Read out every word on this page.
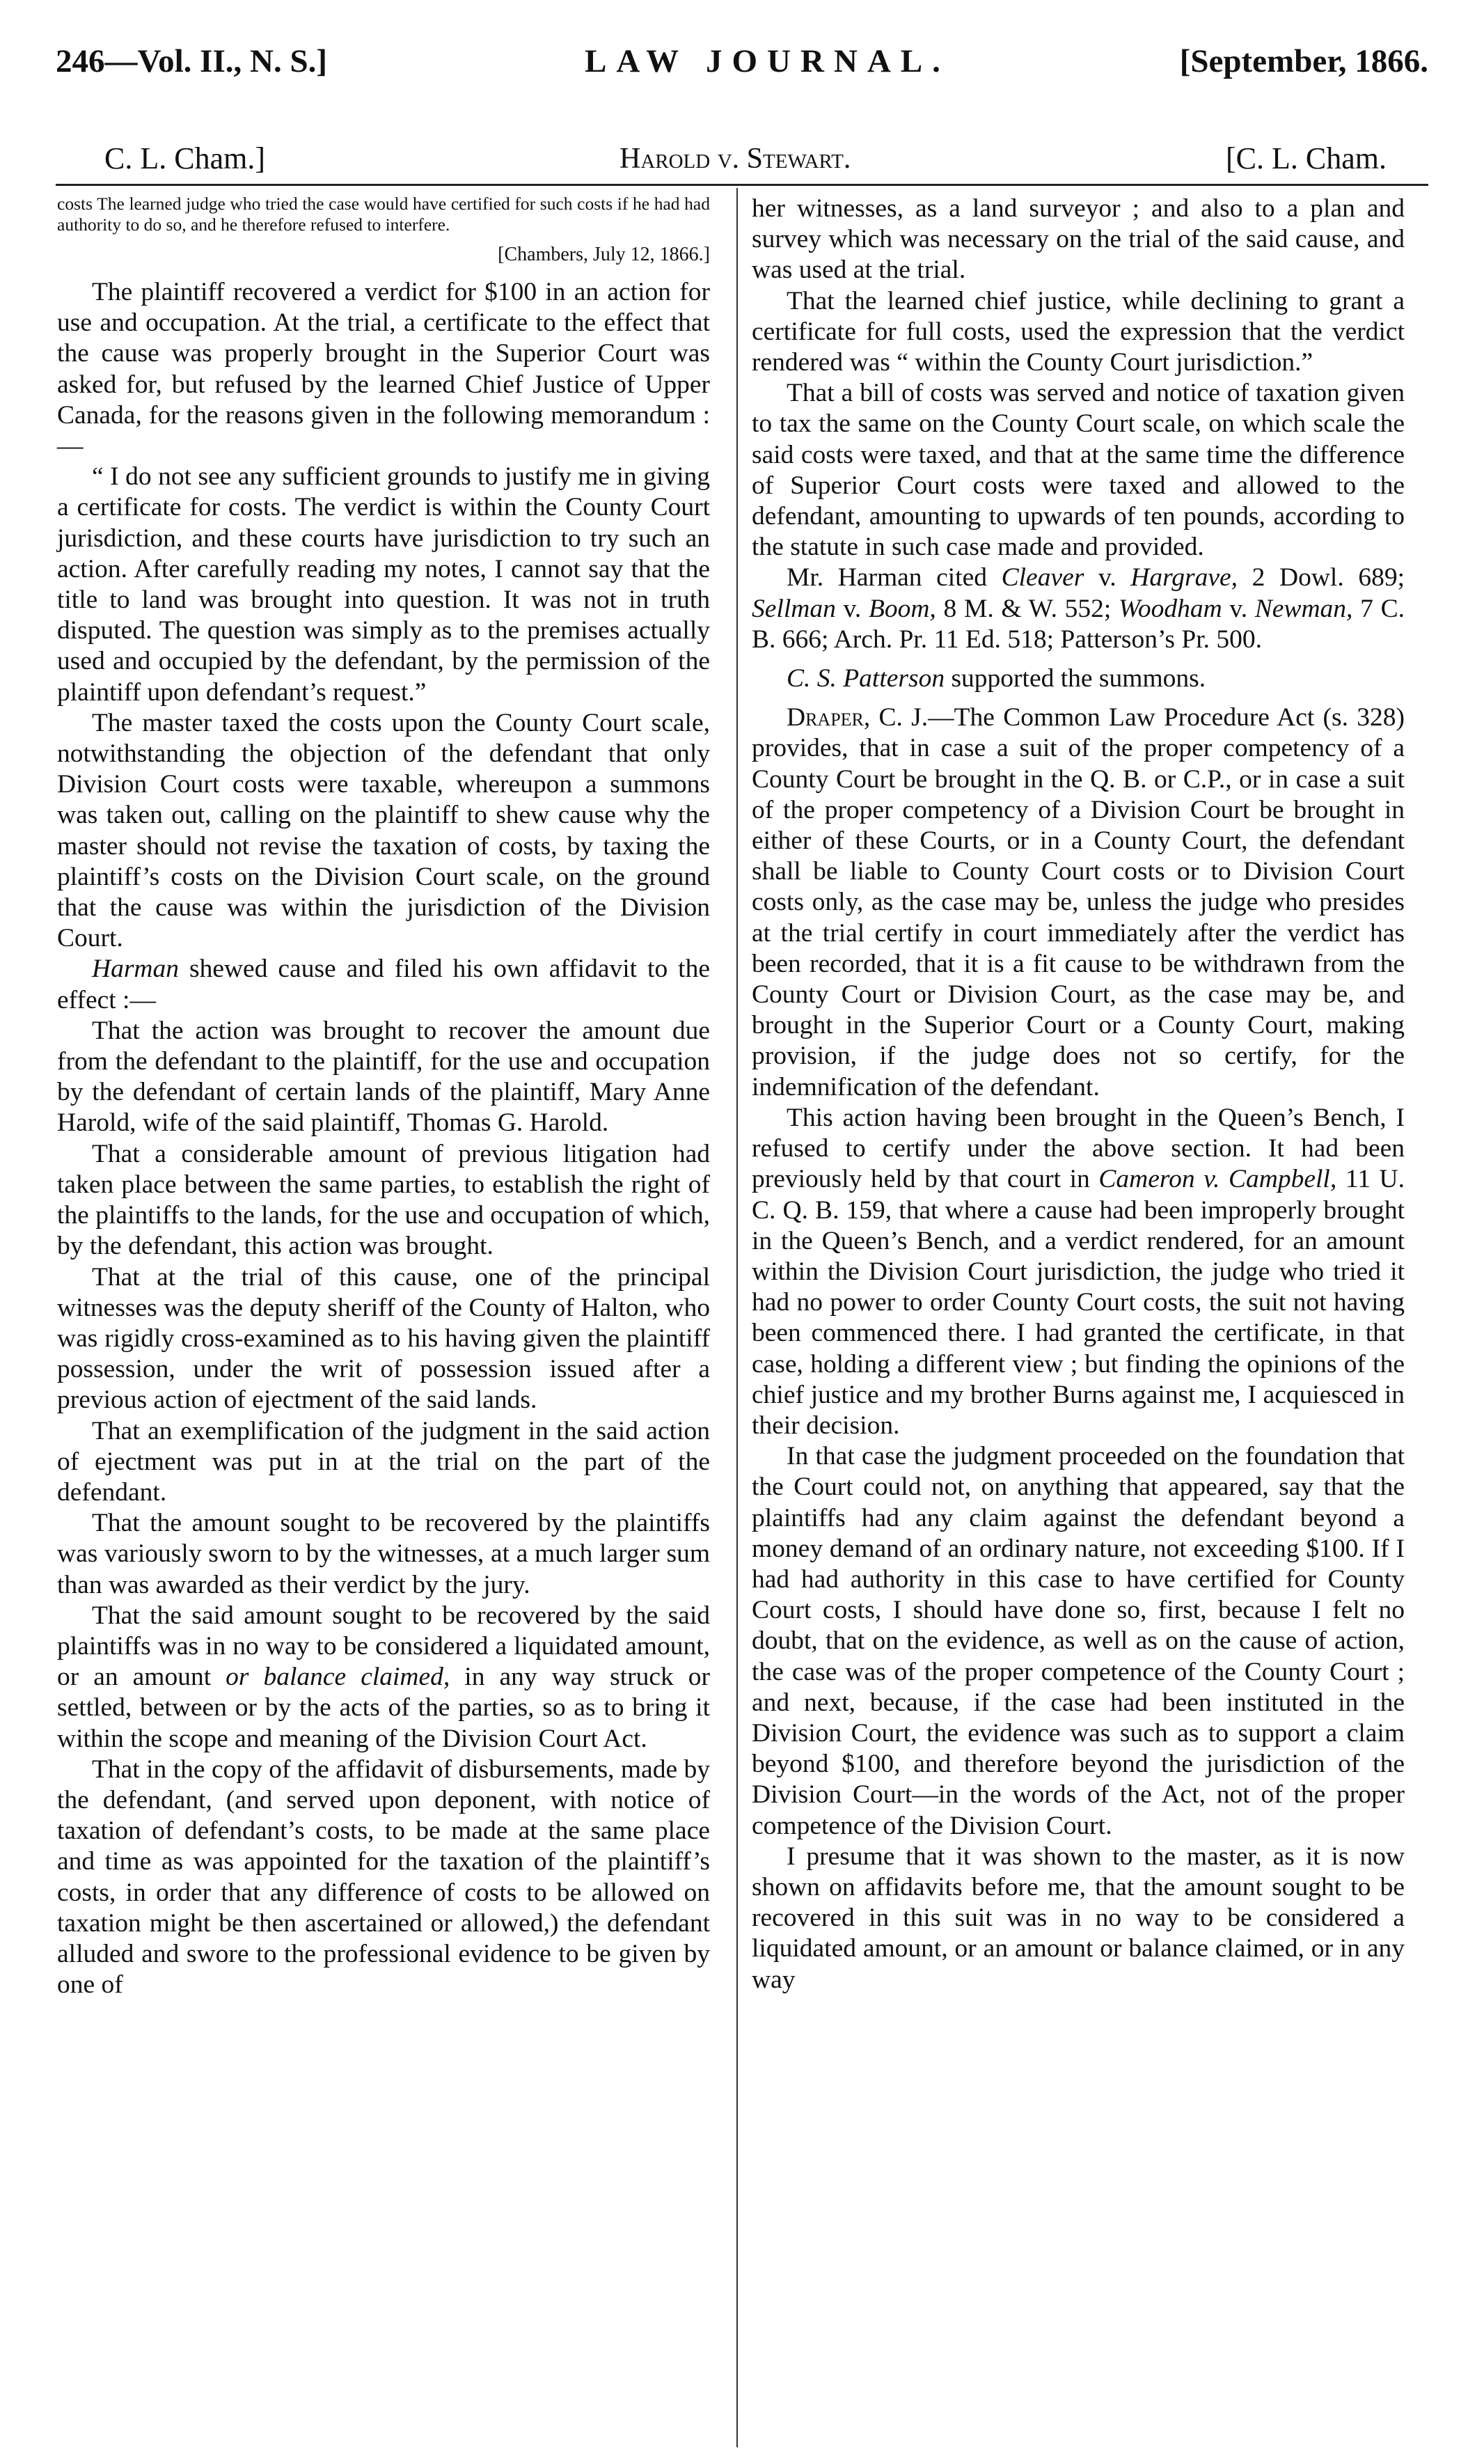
246—Vol. II., N. S.]	LAW JOURNAL.	[September, 1866.
C. L. Cham.]	Harold v. Stewart.	[C. L. Cham.

costs The learned judge who tried the case would have certified for such costs if he had had authority to do so, and he therefore refused to interfere.

[Chambers, July 12, 1866.]

The plaintiff recovered a verdict for $100 in an action for use and occupation. At the trial, a certificate to the effect that the cause was properly brought in the Superior Court was asked for, but refused by the learned Chief Justice of Upper Canada, for the reasons given in the following memorandum :—

“ I do not see any sufficient grounds to justify me in giving a certificate for costs. The verdict is within the County Court jurisdiction, and these courts have jurisdiction to try such an action. After carefully reading my notes, I cannot say that the title to land was brought into question. It was not in truth disputed. The question was simply as to the premises actually used and occupied by the defendant, by the permission of the plaintiff upon defendant’s request.”

The master taxed the costs upon the County Court scale, notwithstanding the objection of the defendant that only Division Court costs were taxable, whereupon a summons was taken out, calling on the plaintiff to shew cause why the master should not revise the taxation of costs, by taxing the plaintiff’s costs on the Division Court scale, on the ground that the cause was within the jurisdiction of the Division Court.

Harman shewed cause and filed his own affidavit to the effect :—

That the action was brought to recover the amount due from the defendant to the plaintiff, for the use and occupation by the defendant of certain lands of the plaintiff, Mary Anne Harold, wife of the said plaintiff, Thomas G. Harold.

That a considerable amount of previous litigation had taken place between the same parties, to establish the right of the plaintiffs to the lands, for the use and occupation of which, by the defendant, this action was brought.

That at the trial of this cause, one of the principal witnesses was the deputy sheriff of the County of Halton, who was rigidly cross-examined as to his having given the plaintiff possession, under the writ of possession issued after a previous action of ejectment of the said lands.

That an exemplification of the judgment in the said action of ejectment was put in at the trial on the part of the defendant.

That the amount sought to be recovered by the plaintiffs was variously sworn to by the witnesses, at a much larger sum than was awarded as their verdict by the jury.

That the said amount sought to be recovered by the said plaintiffs was in no way to be considered a liquidated amount, or an amount or balance claimed, in any way struck or settled, between or by the acts of the parties, so as to bring it within the scope and meaning of the Division Court Act.

That in the copy of the affidavit of disbursements, made by the defendant, (and served upon deponent, with notice of taxation of defendant’s costs, to be made at the same place and time as was appointed for the taxation of the plaintiff’s costs, in order that any difference of costs to be allowed on taxation might be then ascertained or allowed,) the defendant alluded and swore to the professional evidence to be given by one of

her witnesses, as a land surveyor ; and also to a plan and survey which was necessary on the trial of the said cause, and was used at the trial.

That the learned chief justice, while declining to grant a certificate for full costs, used the expression that the verdict rendered was “ within the County Court jurisdiction.”

That a bill of costs was served and notice of taxation given to tax the same on the County Court scale, on which scale the said costs were taxed, and that at the same time the difference of Superior Court costs were taxed and allowed to the defendant, amounting to upwards of ten pounds, according to the statute in such case made and provided.

Mr. Harman cited Cleaver v. Hargrave, 2 Dowl. 689; Sellman v. Boom, 8 M. & W. 552; Woodham v. Newman, 7 C. B. 666; Arch. Pr. 11 Ed. 518; Patterson’s Pr. 500.

C. S. Patterson supported the summons.

Draper, C. J.—The Common Law Procedure Act (s. 328) provides, that in case a suit of the proper competency of a County Court be brought in the Q. B. or C.P., or in case a suit of the proper competency of a Division Court be brought in either of these Courts, or in a County Court, the defendant shall be liable to County Court costs or to Division Court costs only, as the case may be, unless the judge who presides at the trial certify in court immediately after the verdict has been recorded, that it is a fit cause to be withdrawn from the County Court or Division Court, as the case may be, and brought in the Superior Court or a County Court, making provision, if the judge does not so certify, for the indemnification of the defendant.

This action having been brought in the Queen’s Bench, I refused to certify under the above section. It had been previously held by that court in Cameron v. Campbell, 11 U. C. Q. B. 159, that where a cause had been improperly brought in the Queen’s Bench, and a verdict rendered, for an amount within the Division Court jurisdiction, the judge who tried it had no power to order County Court costs, the suit not having been commenced there. I had granted the certificate, in that case, holding a different view ; but finding the opinions of the chief justice and my brother Burns against me, I acquiesced in their decision.

In that case the judgment proceeded on the foundation that the Court could not, on anything that appeared, say that the plaintiffs had any claim against the defendant beyond a money demand of an ordinary nature, not exceeding $100. If I had had authority in this case to have certified for County Court costs, I should have done so, first, because I felt no doubt, that on the evidence, as well as on the cause of action, the case was of the proper competence of the County Court ; and next, because, if the case had been instituted in the Division Court, the evidence was such as to support a claim beyond $100, and therefore beyond the jurisdiction of the Division Court—in the words of the Act, not of the proper competence of the Division Court.

I presume that it was shown to the master, as it is now shown on affidavits before me, that the amount sought to be recovered in this suit was in no way to be considered a liquidated amount, or an amount or balance claimed, or in any way
